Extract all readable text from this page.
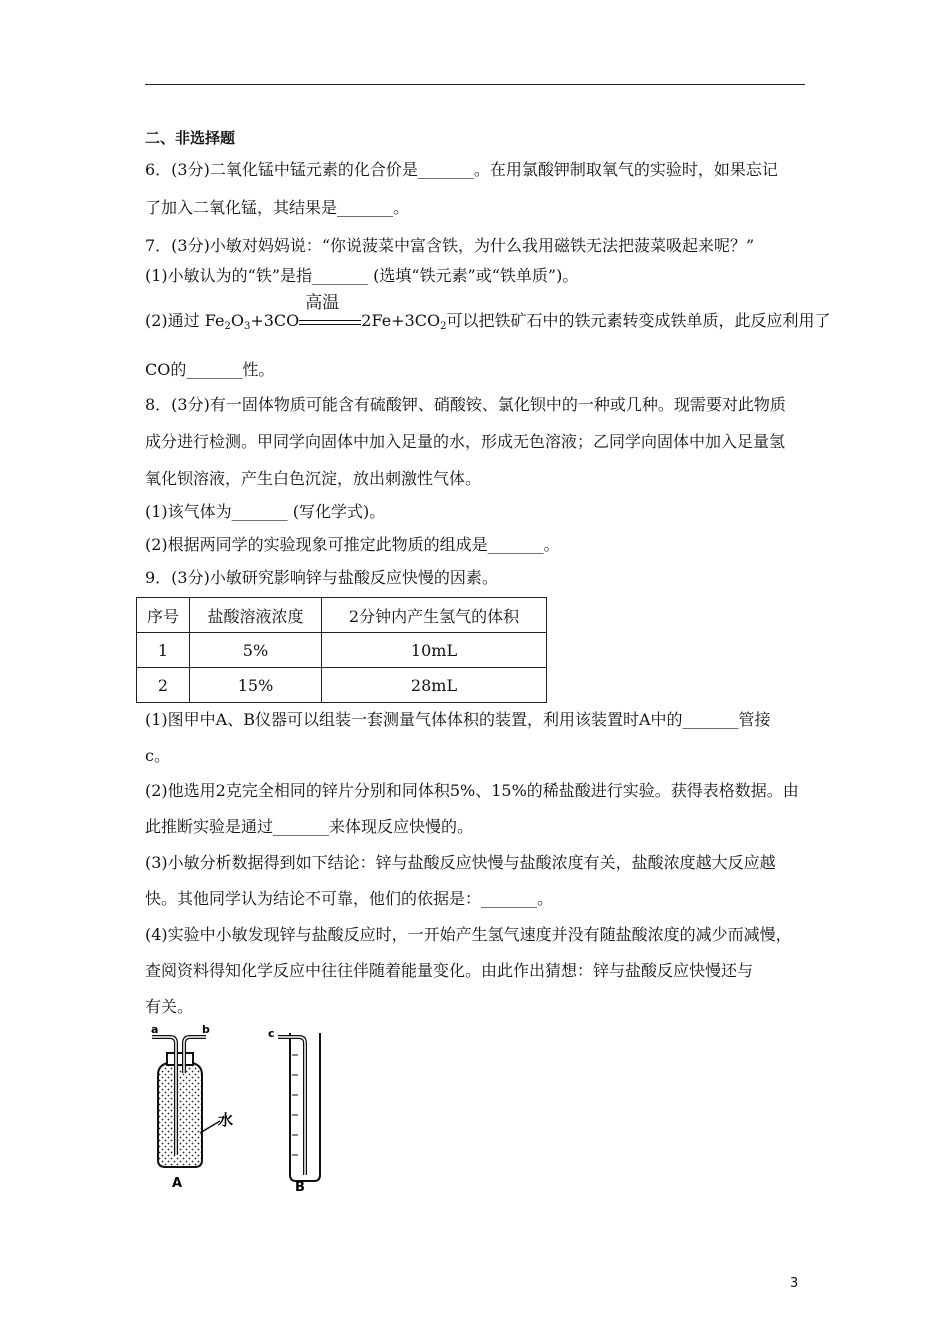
二、非选择题
6．(3分)二氧化锰中锰元素的化合价是_______。在用氯酸钾制取氧气的实验时，如果忘记
了加入二氧化锰，其结果是_______。
7．(3分)小敏对妈妈说：“你说菠菜中富含铁，为什么我用磁铁无法把菠菜吸起来呢？”
(1)小敏认为的“铁”是指_______ (选填“铁元素”或“铁单质”)。
(2)通过 $Fe_2O_3+3CO$
高温
$2Fe+3CO_2$可以把铁矿石中的铁元素转变成铁单质，此反应利用了
CO的_______性。
8．(3分)有一固体物质可能含有硫酸钾、硝酸铵、氯化钡中的一种或几种。现需要对此物质
成分进行检测。甲同学向固体中加入足量的水，形成无色溶液；乙同学向固体中加入足量氢
氧化钡溶液，产生白色沉淀，放出刺激性气体。
(1)该气体为_______ (写化学式)。
(2)根据两同学的实验现象可推定此物质的组成是_______。
9．(3分)小敏研究影响锌与盐酸反应快慢的因素。
序号	盐酸溶液浓度	2分钟内产生氢气的体积
1	5%	10mL
2	15%	28mL
(1)图甲中A、B仪器可以组装一套测量气体体积的装置，利用该装置时A中的_______管接
c。
(2)他选用2克完全相同的锌片分别和同体积5%、15%的稀盐酸进行实验。获得表格数据。由
此推断实验是通过_______来体现反应快慢的。
(3)小敏分析数据得到如下结论：锌与盐酸反应快慢与盐酸浓度有关，盐酸浓度越大反应越
快。其他同学认为结论不可靠，他们的依据是：_______。
(4)实验中小敏发现锌与盐酸反应时，一开始产生氢气速度并没有随盐酸浓度的减少而减慢，
查阅资料得知化学反应中往往伴随着能量变化。由此作出猜想：锌与盐酸反应快慢还与
有关。
a	b
水
A
c
B
3
